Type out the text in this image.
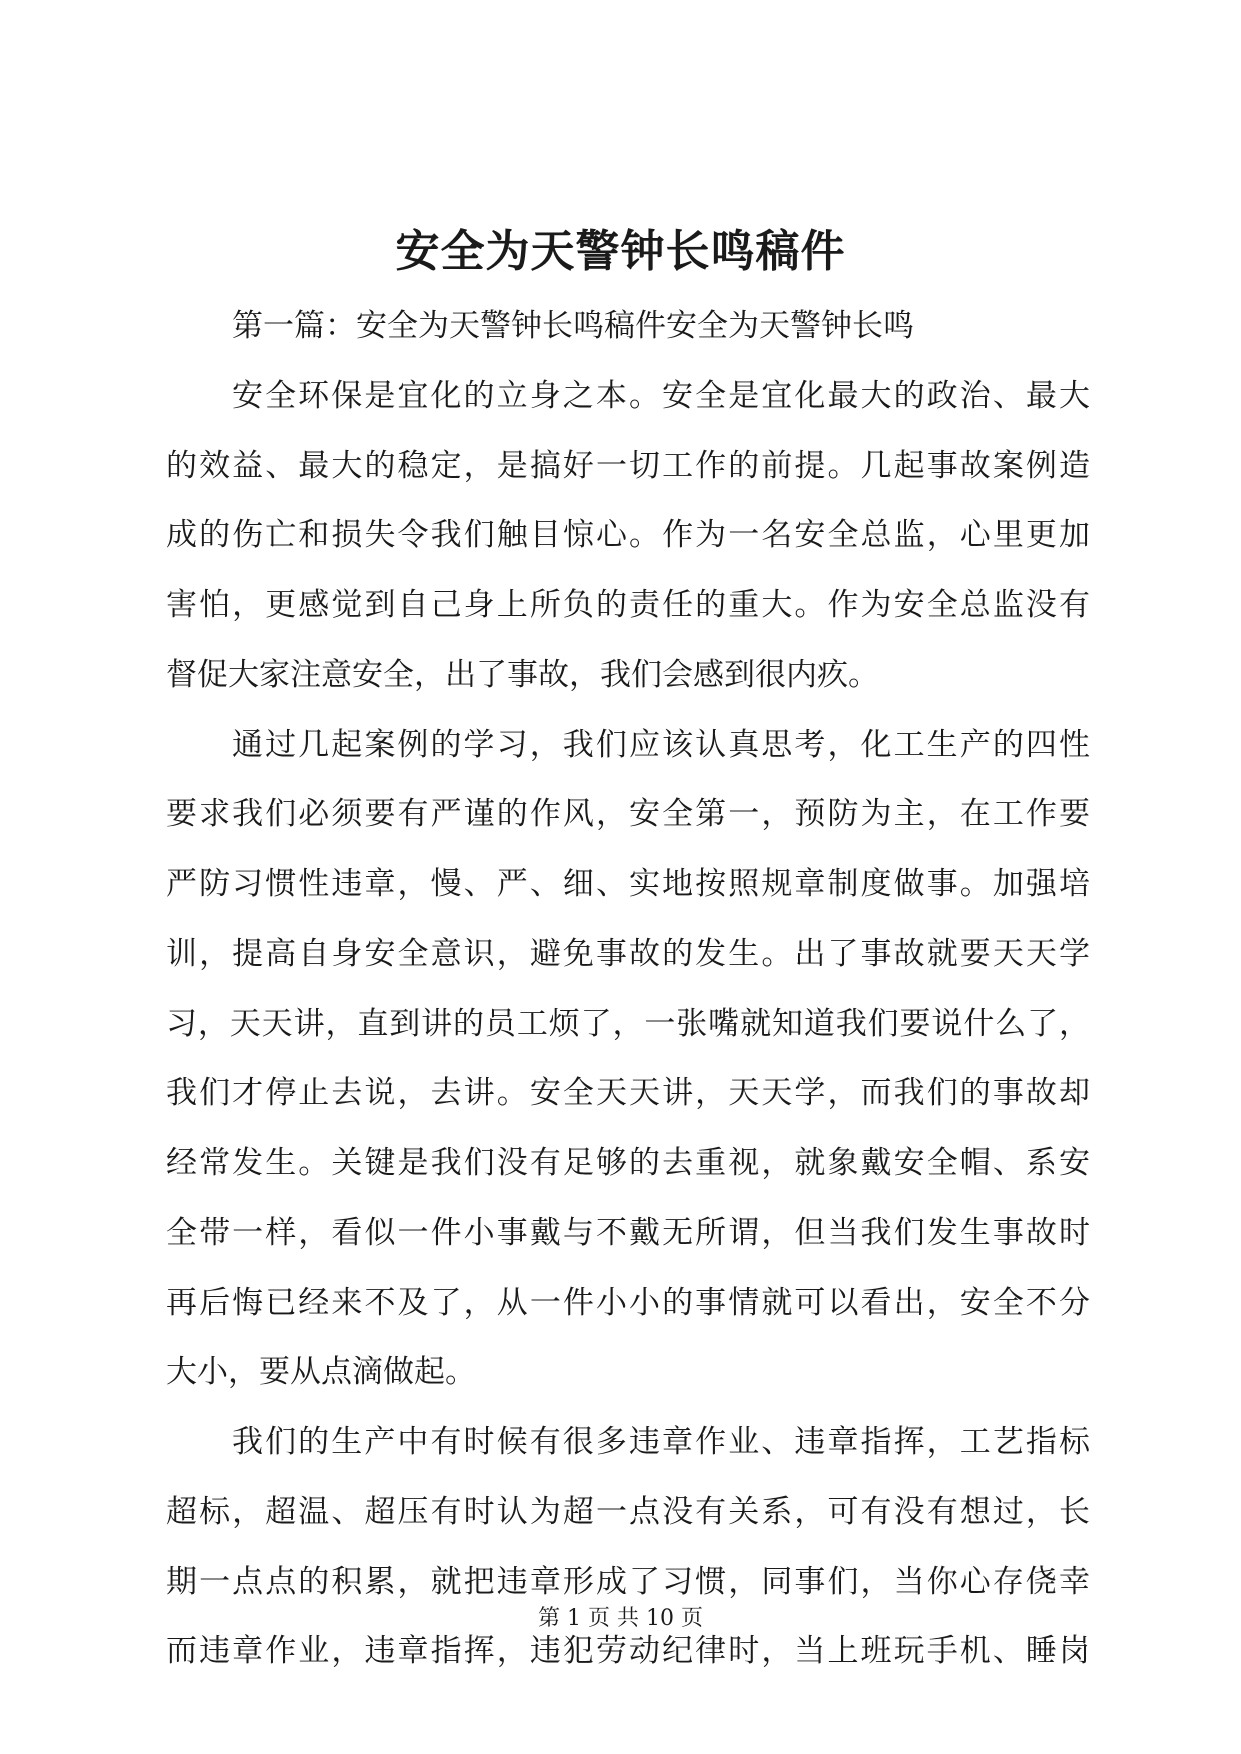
安全为天警钟长鸣稿件
第一篇：安全为天警钟长鸣稿件安全为天警钟长鸣
安全环保是宜化的立身之本。安全是宜化最大的政治、最大
的效益、最大的稳定，是搞好一切工作的前提。几起事故案例造
成的伤亡和损失令我们触目惊心。作为一名安全总监，心里更加
害怕，更感觉到自己身上所负的责任的重大。作为安全总监没有
督促大家注意安全，出了事故，我们会感到很内疚。
通过几起案例的学习，我们应该认真思考，化工生产的四性
要求我们必须要有严谨的作风，安全第一，预防为主，在工作要
严防习惯性违章，慢、严、细、实地按照规章制度做事。加强培
训，提高自身安全意识，避免事故的发生。出了事故就要天天学
习，天天讲，直到讲的员工烦了，一张嘴就知道我们要说什么了，
我们才停止去说，去讲。安全天天讲，天天学，而我们的事故却
经常发生。关键是我们没有足够的去重视，就象戴安全帽、系安
全带一样，看似一件小事戴与不戴无所谓，但当我们发生事故时
再后悔已经来不及了，从一件小小的事情就可以看出，安全不分
大小，要从点滴做起。
我们的生产中有时候有很多违章作业、违章指挥，工艺指标
超标，超温、超压有时认为超一点没有关系，可有没有想过，长
期一点点的积累，就把违章形成了习惯，同事们，当你心存侥幸
而违章作业，违章指挥，违犯劳动纪律时，当上班玩手机、睡岗
第 1 页 共 10 页
